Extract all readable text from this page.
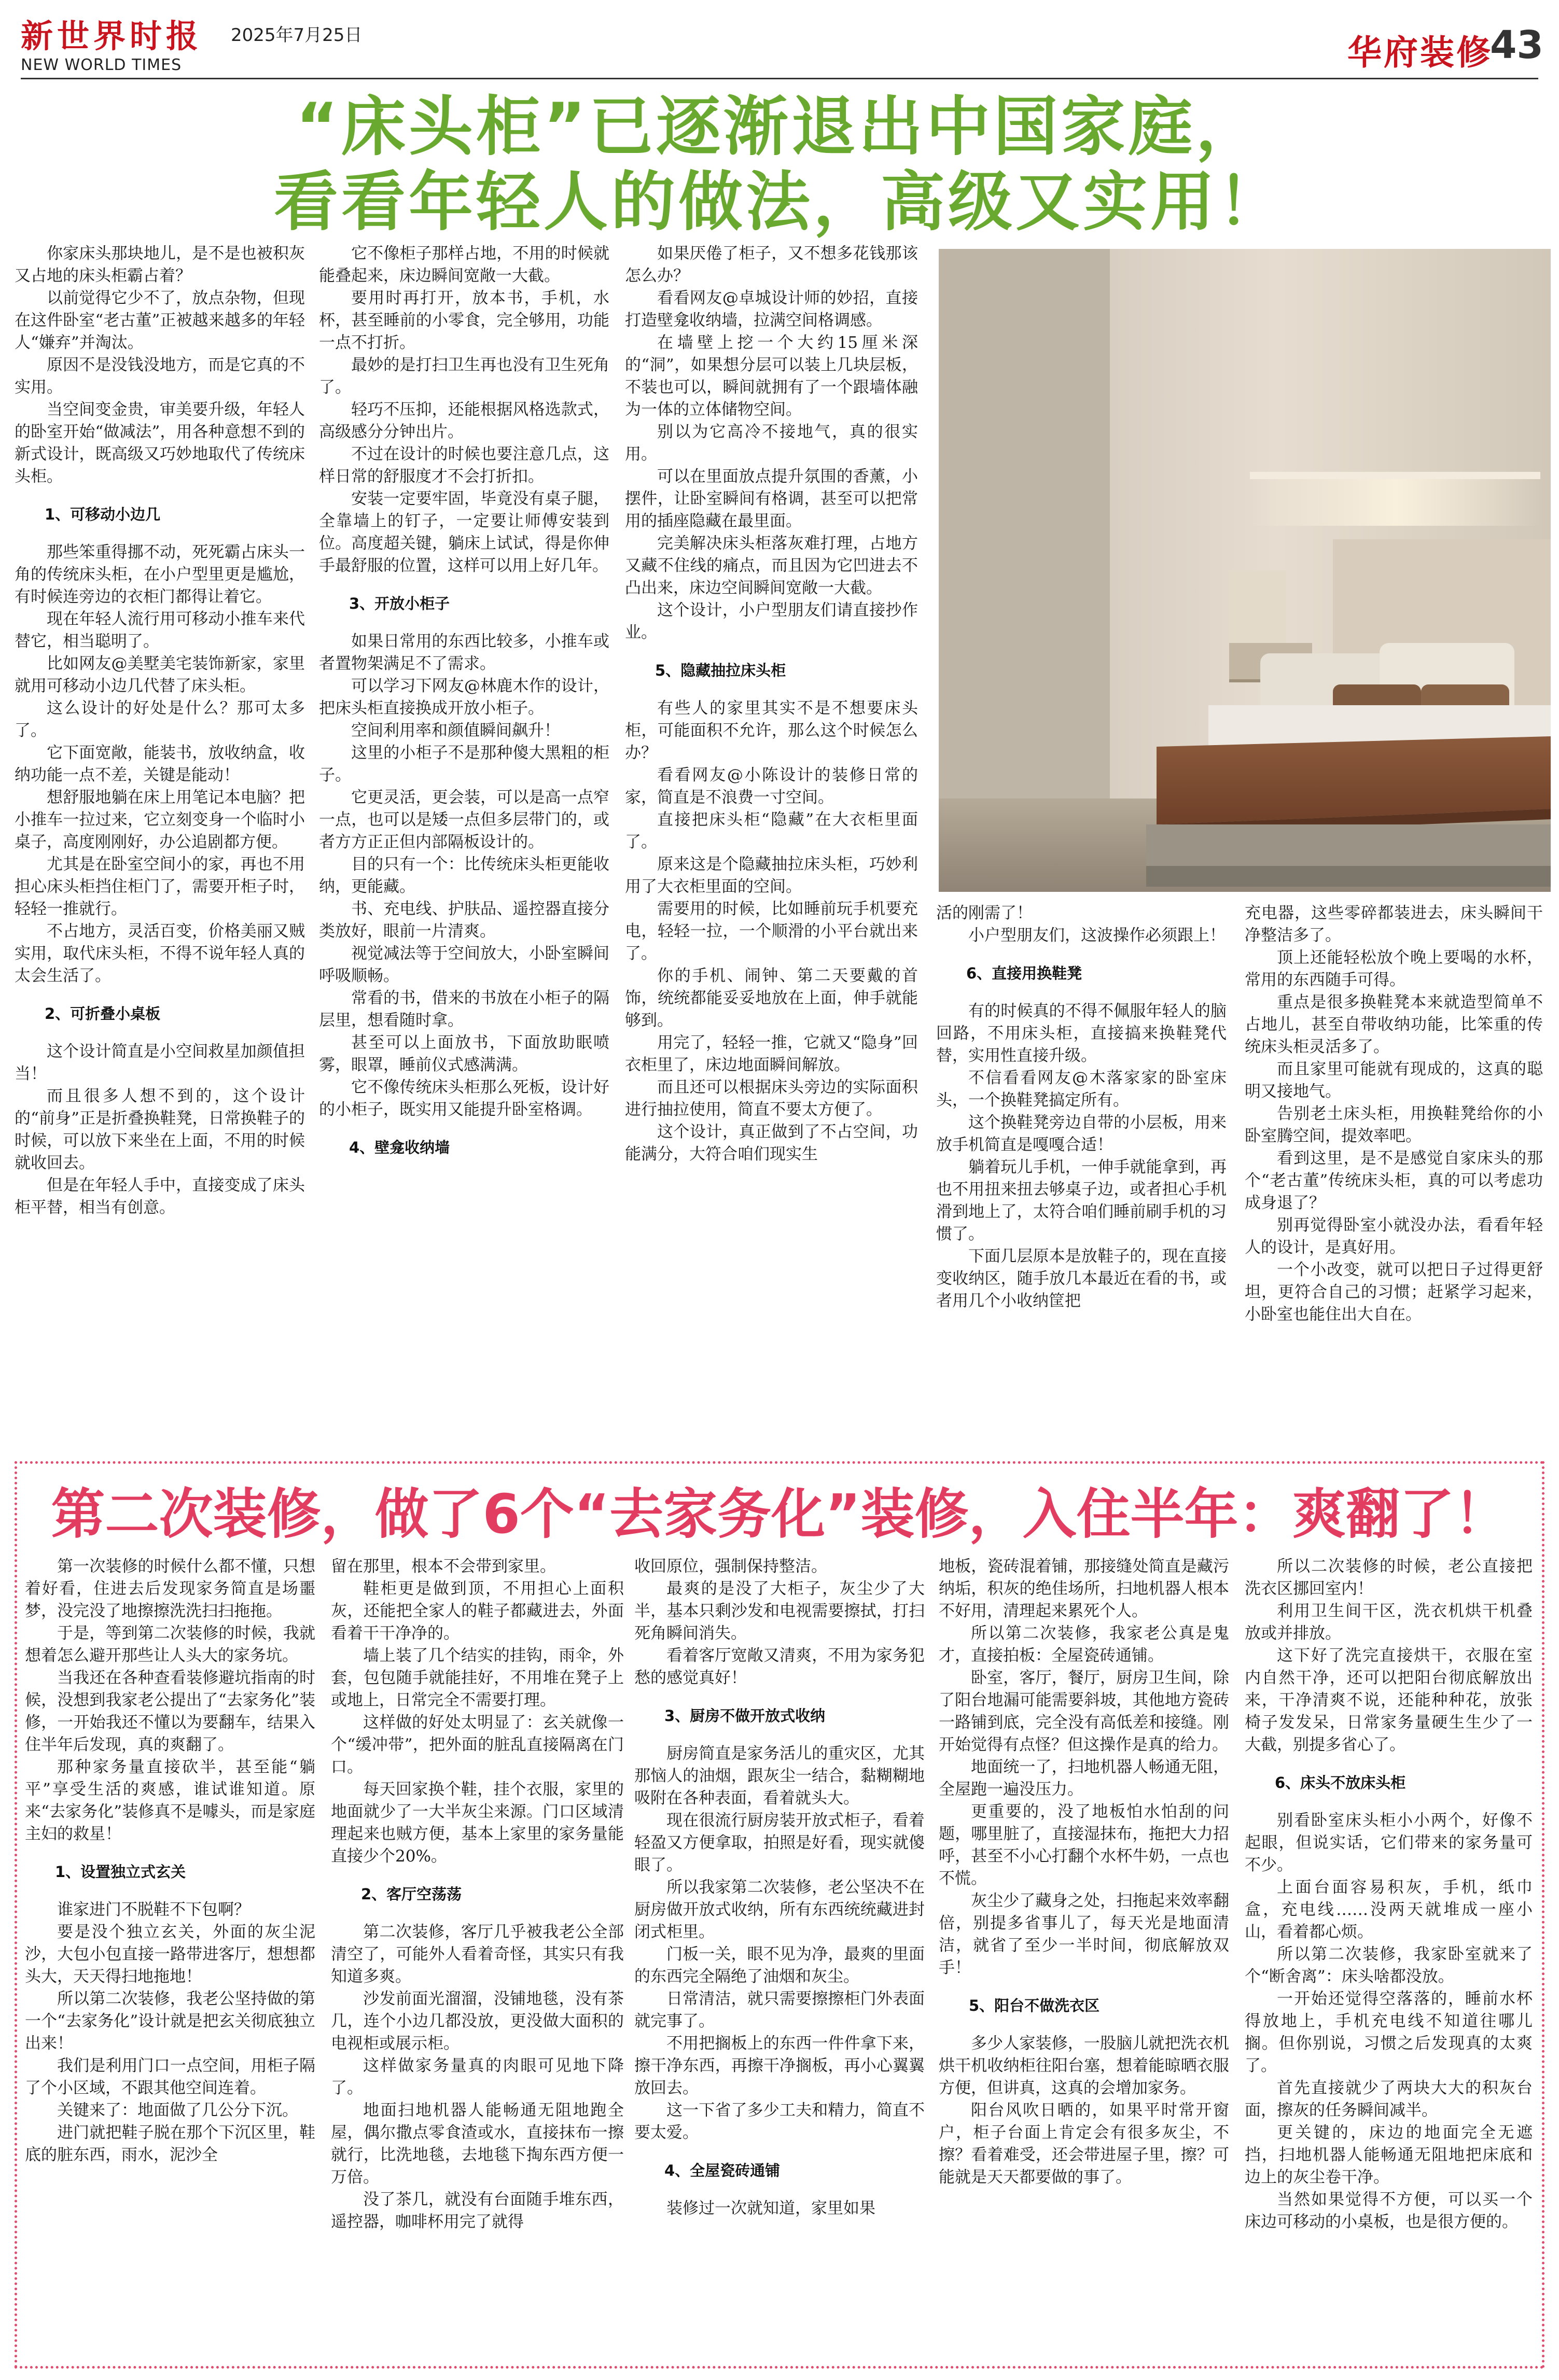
新世界时报 2025年7月25日
NEW WORLD TIMES	华府装修
43
“床头柜”已逐渐退出中国家庭，
看看年轻人的做法，高级又实用！

你家床头那块地儿，是不是也被积灰又占地的床头柜霸占着？

以前觉得它少不了，放点杂物，但现在这件卧室“老古董”正被越来越多的年轻人“嫌弃”并淘汰。

原因不是没钱没地方，而是它真的不实用。

当空间变金贵，审美要升级，年轻人的卧室开始“做减法”，用各种意想不到的新式设计，既高级又巧妙地取代了传统床头柜。

1、可移动小边几

那些笨重得挪不动，死死霸占床头一角的传统床头柜，在小户型里更是尴尬，有时候连旁边的衣柜门都得让着它。

现在年轻人流行用可移动小推车来代替它，相当聪明了。

比如网友@美墅美宅装饰新家，家里就用可移动小边几代替了床头柜。

这么设计的好处是什么？那可太多了。

它下面宽敞，能装书，放收纳盒，收纳功能一点不差，关键是能动！

想舒服地躺在床上用笔记本电脑？把小推车一拉过来，它立刻变身一个临时小桌子，高度刚刚好，办公追剧都方便。

尤其是在卧室空间小的家，再也不用担心床头柜挡住柜门了，需要开柜子时，轻轻一推就行。

不占地方，灵活百变，价格美丽又贼实用，取代床头柜，不得不说年轻人真的太会生活了。

2、可折叠小桌板

这个设计简直是小空间救星加颜值担当！

而且很多人想不到的，这个设计的“前身”正是折叠换鞋凳，日常换鞋子的时候，可以放下来坐在上面，不用的时候就收回去。

但是在年轻人手中，直接变成了床头柜平替，相当有创意。

它不像柜子那样占地，不用的时候就能叠起来，床边瞬间宽敞一大截。

要用时再打开，放本书，手机，水杯，甚至睡前的小零食，完全够用，功能一点不打折。

最妙的是打扫卫生再也没有卫生死角了。

轻巧不压抑，还能根据风格选款式，高级感分分钟出片。

不过在设计的时候也要注意几点，这样日常的舒服度才不会打折扣。

安装一定要牢固，毕竟没有桌子腿，全靠墙上的钉子，一定要让师傅安装到位。高度超关键，躺床上试试，得是你伸手最舒服的位置，这样可以用上好几年。

3、开放小柜子

如果日常用的东西比较多，小推车或者置物架满足不了需求。

可以学习下网友@林鹿木作的设计，把床头柜直接换成开放小柜子。

空间利用率和颜值瞬间飙升！

这里的小柜子不是那种傻大黑粗的柜子。

它更灵活，更会装，可以是高一点窄一点，也可以是矮一点但多层带门的，或者方方正正但内部隔板设计的。

目的只有一个：比传统床头柜更能收纳，更能藏。

书、充电线、护肤品、遥控器直接分类放好，眼前一片清爽。

视觉减法等于空间放大，小卧室瞬间呼吸顺畅。

常看的书，借来的书放在小柜子的隔层里，想看随时拿。

甚至可以上面放书，下面放助眠喷雾，眼罩，睡前仪式感满满。

它不像传统床头柜那么死板，设计好的小柜子，既实用又能提升卧室格调。

4、壁龛收纳墙

如果厌倦了柜子，又不想多花钱那该怎么办？

看看网友@卓城设计师的妙招，直接打造壁龛收纳墙，拉满空间格调感。

在墙壁上挖一个大约15厘米深的“洞”，如果想分层可以装上几块层板，不装也可以，瞬间就拥有了一个跟墙体融为一体的立体储物空间。

别以为它高冷不接地气，真的很实用。

可以在里面放点提升氛围的香薰，小摆件，让卧室瞬间有格调，甚至可以把常用的插座隐藏在最里面。

完美解决床头柜落灰难打理，占地方又藏不住线的痛点，而且因为它凹进去不凸出来，床边空间瞬间宽敞一大截。

这个设计，小户型朋友们请直接抄作业。

5、隐藏抽拉床头柜

有些人的家里其实不是不想要床头柜，可能面积不允许，那么这个时候怎么办？

看看网友@小陈设计的装修日常的家，简直是不浪费一寸空间。

直接把床头柜“隐藏”在大衣柜里面了。

原来这是个隐藏抽拉床头柜，巧妙利用了大衣柜里面的空间。

需要用的时候，比如睡前玩手机要充电，轻轻一拉，一个顺滑的小平台就出来了。

你的手机、闹钟、第二天要戴的首饰，统统都能妥妥地放在上面，伸手就能够到。

用完了，轻轻一推，它就又“隐身”回衣柜里了，床边地面瞬间解放。

而且还可以根据床头旁边的实际面积进行抽拉使用，简直不要太方便了。

这个设计，真正做到了不占空间，功能满分，大符合咱们现实生

活的刚需了！

小户型朋友们，这波操作必须跟上！

6、直接用换鞋凳

有的时候真的不得不佩服年轻人的脑回路，不用床头柜，直接搞来换鞋凳代替，实用性直接升级。

不信看看网友@木落家家的卧室床头，一个换鞋凳搞定所有。

这个换鞋凳旁边自带的小层板，用来放手机简直是嘎嘎合适！

躺着玩儿手机，一伸手就能拿到，再也不用扭来扭去够桌子边，或者担心手机滑到地上了，太符合咱们睡前刷手机的习惯了。

下面几层原本是放鞋子的，现在直接变收纳区，随手放几本最近在看的书，或者用几个小收纳筐把

充电器，这些零碎都装进去，床头瞬间干净整洁多了。

顶上还能轻松放个晚上要喝的水杯，常用的东西随手可得。

重点是很多换鞋凳本来就造型简单不占地儿，甚至自带收纳功能，比笨重的传统床头柜灵活多了。

而且家里可能就有现成的，这真的聪明又接地气。

告别老土床头柜，用换鞋凳给你的小卧室腾空间，提效率吧。

看到这里，是不是感觉自家床头的那个“老古董”传统床头柜，真的可以考虑功成身退了？

别再觉得卧室小就没办法，看看年轻人的设计，是真好用。

一个小改变，就可以把日子过得更舒坦，更符合自己的习惯；赶紧学习起来，小卧室也能住出大自在。

第二次装修，做了6个“去家务化”装修，入住半年：爽翻了！

第一次装修的时候什么都不懂，只想着好看，住进去后发现家务简直是场噩梦，没完没了地擦擦洗洗扫扫拖拖。

于是，等到第二次装修的时候，我就想着怎么避开那些让人头大的家务坑。

当我还在各种查看装修避坑指南的时候，没想到我家老公提出了“去家务化”装修，一开始我还不懂以为要翻车，结果入住半年后发现，真的爽翻了。

那种家务量直接砍半，甚至能“躺平”享受生活的爽感，谁试谁知道。原来“去家务化”装修真不是噱头，而是家庭主妇的救星！

1、设置独立式玄关

谁家进门不脱鞋不下包啊？

要是没个独立玄关，外面的灰尘泥沙，大包小包直接一路带进客厅，想想都头大，天天得扫地拖地！

所以第二次装修，我老公坚持做的第一个“去家务化”设计就是把玄关彻底独立出来！

我们是利用门口一点空间，用柜子隔了个小区域，不跟其他空间连着。

关键来了：地面做了几公分下沉。

进门就把鞋子脱在那个下沉区里，鞋底的脏东西，雨水，泥沙全

留在那里，根本不会带到家里。

鞋柜更是做到顶，不用担心上面积灰，还能把全家人的鞋子都藏进去，外面看着干干净净的。

墙上装了几个结实的挂钩，雨伞，外套，包包随手就能挂好，不用堆在凳子上或地上，日常完全不需要打理。

这样做的好处太明显了：玄关就像一个“缓冲带”，把外面的脏乱直接隔离在门口。

每天回家换个鞋，挂个衣服，家里的地面就少了一大半灰尘来源。门口区域清理起来也贼方便，基本上家里的家务量能直接少个20%。

2、客厅空荡荡

第二次装修，客厅几乎被我老公全部清空了，可能外人看着奇怪，其实只有我知道多爽。

沙发前面光溜溜，没铺地毯，没有茶几，连个小边几都没放，更没做大面积的电视柜或展示柜。

这样做家务量真的肉眼可见地下降了。

地面扫地机器人能畅通无阻地跑全屋，偶尔撒点零食渣或水，直接抹布一擦就行，比洗地毯，去地毯下掏东西方便一万倍。

没了茶几，就没有台面随手堆东西，遥控器，咖啡杯用完了就得

收回原位，强制保持整洁。

最爽的是没了大柜子，灰尘少了大半，基本只剩沙发和电视需要擦拭，打扫死角瞬间消失。

看着客厅宽敞又清爽，不用为家务犯愁的感觉真好！

3、厨房不做开放式收纳

厨房简直是家务活儿的重灾区，尤其那恼人的油烟，跟灰尘一结合，黏糊糊地吸附在各种表面，看着就头大。

现在很流行厨房装开放式柜子，看着轻盈又方便拿取，拍照是好看，现实就傻眼了。

所以我家第二次装修，老公坚决不在厨房做开放式收纳，所有东西统统藏进封闭式柜里。

门板一关，眼不见为净，最爽的里面的东西完全隔绝了油烟和灰尘。

日常清洁，就只需要擦擦柜门外表面就完事了。

不用把搁板上的东西一件件拿下来，擦干净东西，再擦干净搁板，再小心翼翼放回去。

这一下省了多少工夫和精力，简直不要太爱。

4、全屋瓷砖通铺

装修过一次就知道，家里如果

地板，瓷砖混着铺，那接缝处简直是藏污纳垢，积灰的绝佳场所，扫地机器人根本不好用，清理起来累死个人。

所以第二次装修，我家老公真是鬼才，直接拍板：全屋瓷砖通铺。

卧室，客厅，餐厅，厨房卫生间，除了阳台地漏可能需要斜坡，其他地方瓷砖一路铺到底，完全没有高低差和接缝。刚开始觉得有点怪？但这操作是真的给力。

地面统一了，扫地机器人畅通无阻，全屋跑一遍没压力。

更重要的，没了地板怕水怕刮的问题，哪里脏了，直接湿抹布，拖把大力招呼，甚至不小心打翻个水杯牛奶，一点也不慌。

灰尘少了藏身之处，扫拖起来效率翻倍，别提多省事儿了，每天光是地面清洁，就省了至少一半时间，彻底解放双手！

5、阳台不做洗衣区

多少人家装修，一股脑儿就把洗衣机烘干机收纳柜往阳台塞，想着能晾晒衣服方便，但讲真，这真的会增加家务。

阳台风吹日晒的，如果平时常开窗户，柜子台面上肯定会有很多灰尘，不擦？看着难受，还会带进屋子里，擦？可能就是天天都要做的事了。

所以二次装修的时候，老公直接把洗衣区挪回室内！

利用卫生间干区，洗衣机烘干机叠放或并排放。

这下好了洗完直接烘干，衣服在室内自然干净，还可以把阳台彻底解放出来，干净清爽不说，还能种种花，放张椅子发发呆，日常家务量硬生生少了一大截，别提多省心了。

6、床头不放床头柜

别看卧室床头柜小小两个，好像不起眼，但说实话，它们带来的家务量可不少。

上面台面容易积灰，手机，纸巾盒，充电线……没两天就堆成一座小山，看着都心烦。

所以第二次装修，我家卧室就来了个“断舍离”：床头啥都没放。

一开始还觉得空落落的，睡前水杯得放地上，手机充电线不知道往哪儿搁。但你别说，习惯之后发现真的太爽了。

首先直接就少了两块大大的积灰台面，擦灰的任务瞬间减半。

更关键的，床边的地面完全无遮挡，扫地机器人能畅通无阻地把床底和边上的灰尘卷干净。

当然如果觉得不方便，可以买一个床边可移动的小桌板，也是很方便的。
